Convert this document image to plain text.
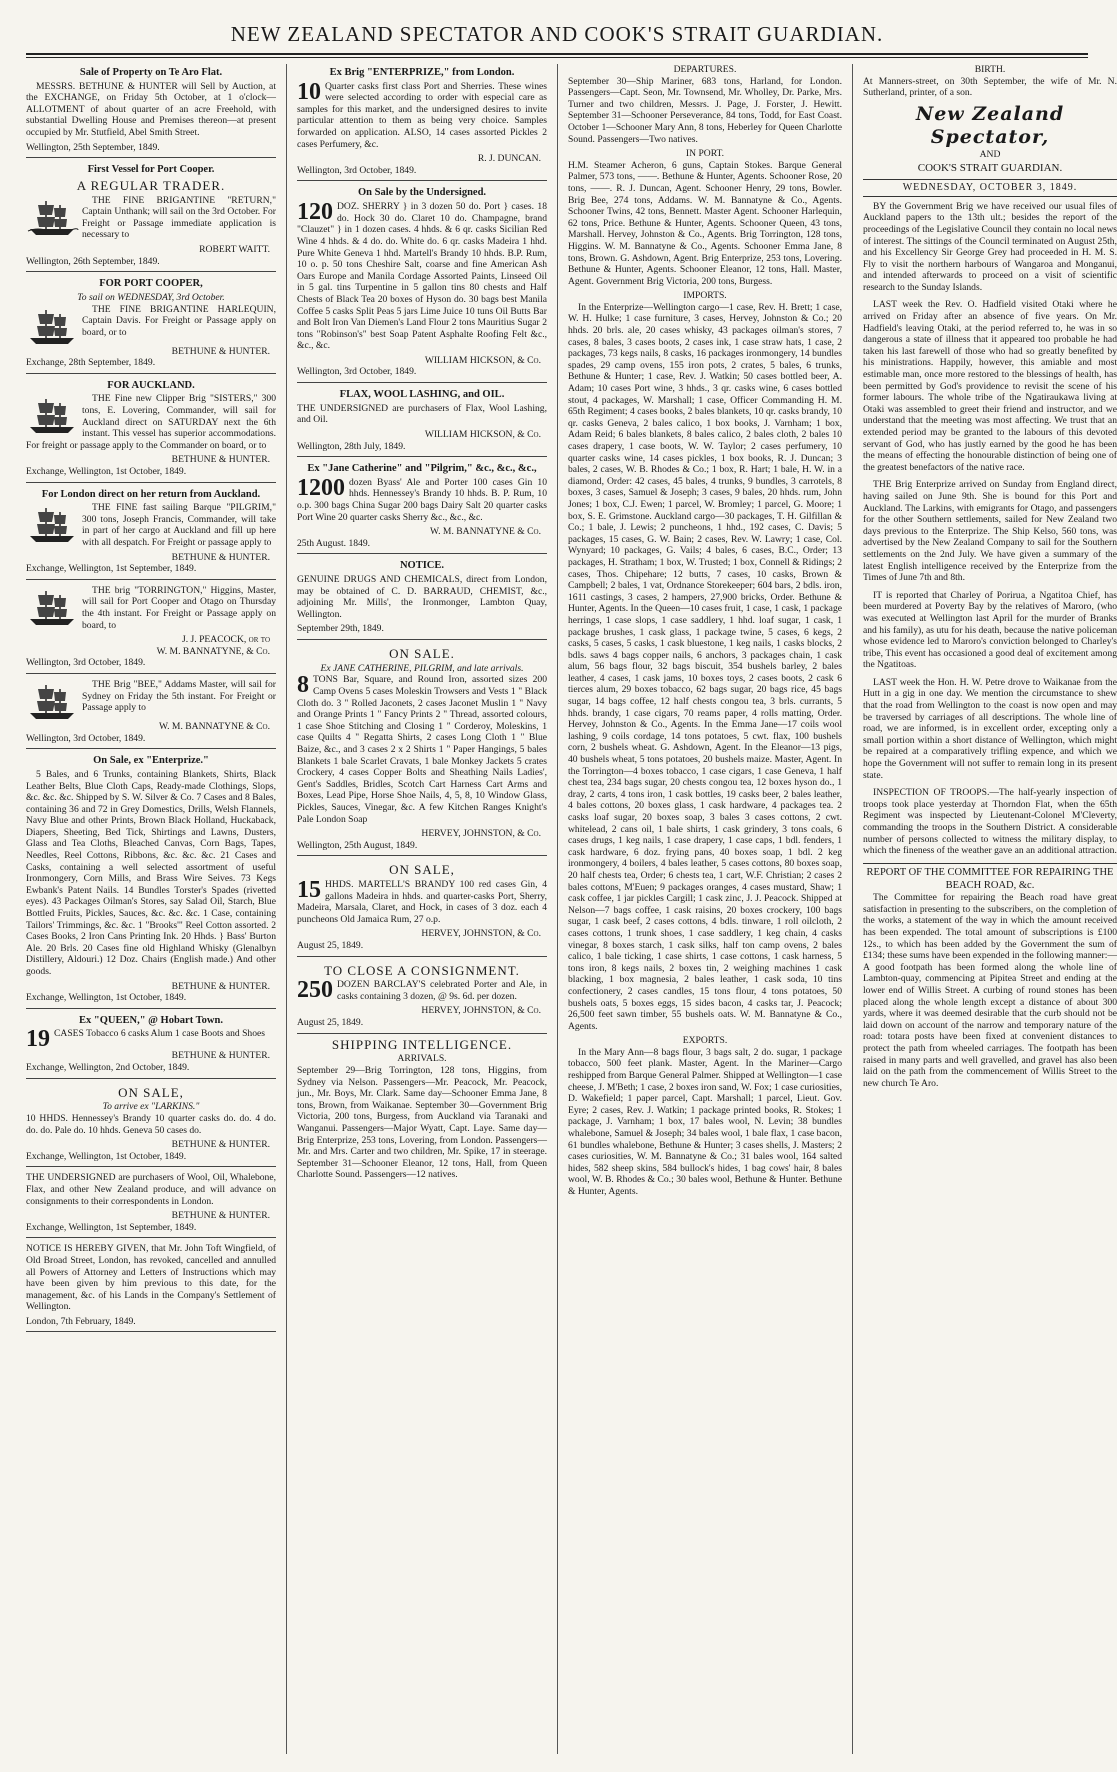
NEW ZEALAND SPECTATOR AND COOK'S STRAIT GUARDIAN.
Sale of Property on Te Aro Flat.

MESSRS. BETHUNE & HUNTER will Sell by Auction, at the EXCHANGE, on Friday 5th October, at 1 o'clock— ALLOTMENT of about quarter of an acre Freehold, with substantial Dwelling House and Premises thereon—at present occupied by Mr. Stutfield, Abel Smith Street.

Wellington, 25th September, 1849.
First Vessel for Port Cooper.
A REGULAR TRADER.

THE FINE BRIGANTINE "RETURN," Captain Unthank; will sail on the 3rd October. For Freight or Passage immediate application is necessary to

ROBERT WAITT.
Wellington, 26th September, 1849.
FOR PORT COOPER,
To sail on WEDNESDAY, 3rd October.

THE FINE BRIGANTINE HARLEQUIN, Captain Davis. For Freight or Passage apply on board, or to

BETHUNE & HUNTER.
Exchange, 28th September, 1849.
FOR AUCKLAND.

THE Fine new Clipper Brig "SISTERS," 300 tons, E. Lovering, Commander, will sail for Auckland direct on SATURDAY next the 6th instant. This vessel has superior accommodations. For freight or passage apply to the Commander on board, or to

BETHUNE & HUNTER.
Exchange, Wellington, 1st October, 1849.
For London direct on her return from Auckland.

THE FINE fast sailing Barque "PILGRIM," 300 tons, Joseph Francis, Commander, will take in part of her cargo at Auckland and fill up here with all despatch. For Freight or passage apply to

BETHUNE & HUNTER.
Exchange, Wellington, 1st September, 1849.

THE brig "TORRINGTON," Higgins, Master, will sail for Port Cooper and Otago on Thursday the 4th instant. For Freight or Passage apply on board, to

J. J. PEACOCK, or to
W. M. BANNATYNE, & Co.
Wellington, 3rd October, 1849.

THE Brig "BEE," Addams Master, will sail for Sydney on Friday the 5th instant. For Freight or Passage apply to

W. M. BANNATYNE & Co.
Wellington, 3rd October, 1849.
On Sale, ex "Enterprize."

5 Bales, and 6 Trunks, containing Blankets, Shirts, Black Leather Belts, Blue Cloth Caps, Ready-made Clothings, Slops, &c. &c. &c. Shipped by S. W. Silver & Co. 7 Cases and 8 Bales, containing 36 and 72 in Grey Domestics, Drills, Welsh Flannels, Navy Blue and other Prints, Brown Black Holland, Huckaback, Diapers, Sheeting, Bed Tick, Shirtings and Lawns, Dusters, Glass and Tea Cloths, Bleached Canvas, Corn Bags, Tapes, Needles, Reel Cottons, Ribbons, &c. &c. &c. 21 Cases and Casks, containing a well selected assortment of useful Ironmongery, Corn Mills, and Brass Wire Seives. 73 Kegs Ewbank's Patent Nails. 14 Bundles Torster's Spades (rivetted eyes). 43 Packages Oilman's Stores, say Salad Oil, Starch, Blue Bottled Fruits, Pickles, Sauces, &c. &c. &c. 1 Case, containing Tailors' Trimmings, &c. &c. 1 "Brooks'" Reel Cotton assorted. 2 Cases Books, 2 Iron Cans Printing Ink. 20 Hhds. } Bass' Burton Ale. 20 Brls. 20 Cases fine old Highland Whisky (Glenalbyn Distillery, Aldouri.) 12 Doz. Chairs (English made.) And other goods.

BETHUNE & HUNTER.
Exchange, Wellington, 1st October, 1849.
Ex "QUEEN," @ Hobart Town.
19 CASES Tobacco 6 casks Alum 1 case Boots and Shoes

BETHUNE & HUNTER.
Exchange, Wellington, 2nd October, 1849.
ON SALE,
To arrive ex "LARKINS."

10 HHDS. Hennessey's Brandy 10 quarter casks do. do. 4 do. do. do. Pale do. 10 hhds. Geneva 50 cases do.

BETHUNE & HUNTER.
Exchange, Wellington, 1st October, 1849.

THE UNDERSIGNED are purchasers of Wool, Oil, Whalebone, Flax, and other New Zealand produce, and will advance on consignments to their correspondents in London.

BETHUNE & HUNTER.
Exchange, Wellington, 1st September, 1849.

NOTICE IS HEREBY GIVEN, that Mr. John Toft Wingfield, of Old Broad Street, London, has revoked, cancelled and annulled all Powers of Attorney and Letters of Instructions which may have been given by him previous to this date, for the management, &c. of his Lands in the Company's Settlement of Wellington.

London, 7th February, 1849.
Ex Brig "ENTERPRIZE," from London.
10 Quarter casks first class Port and Sherries. These wines were selected according to order with especial care as samples for this market, and the undersigned desires to invite particular attention to them as being very choice. Samples forwarded on application. ALSO, 14 cases assorted Pickles 2 cases Perfumery, &c.

R. J. DUNCAN.
Wellington, 3rd October, 1849.
On Sale by the Undersigned.
120 DOZ. SHERRY } in 3 dozen 50 do. Port } cases. 18 do. Hock 30 do. Claret 10 do. Champagne, brand "Clauzet" } in 1 dozen cases. 4 hhds. & 6 qr. casks Sicilian Red Wine 4 hhds. & 4 do. do. White do. 6 qr. casks Madeira 1 hhd. Pure White Geneva 1 hhd. Martell's Brandy 10 hhds. B.P. Rum, 10 o. p. 50 tons Cheshire Salt, coarse and fine American Ash Oars Europe and Manila Cordage Assorted Paints, Linseed Oil in 5 gal. tins Turpentine in 5 gallon tins 80 chests and Half Chests of Black Tea 20 boxes of Hyson do. 30 bags best Manila Coffee 5 casks Split Peas 5 jars Lime Juice 10 tuns Oil Butts Bar and Bolt Iron Van Diemen's Land Flour 2 tons Mauritius Sugar 2 tons "Robinson's" best Soap Patent Asphalte Roofing Felt &c., &c., &c.

WILLIAM HICKSON, & Co.
Wellington, 3rd October, 1849.
FLAX, WOOL LASHING, and OIL.

THE UNDERSIGNED are purchasers of Flax, Wool Lashing, and Oil.

WILLIAM HICKSON, & Co.
Wellington, 28th July, 1849.
Ex "Jane Catherine" and "Pilgrim," &c., &c., &c.,
1200 dozen Byass' Ale and Porter 100 cases Gin 10 hhds. Hennessey's Brandy 10 hhds. B. P. Rum, 10 o.p. 300 bags China Sugar 200 bags Dairy Salt 20 quarter casks Port Wine 20 quarter casks Sherry &c., &c., &c.

W. M. BANNATYNE & Co.
25th August. 1849.
NOTICE.

GENUINE DRUGS AND CHEMICALS, direct from London, may be obtained of C. D. BARRAUD, CHEMIST, &c., adjoining Mr. Mills', the Ironmonger, Lambton Quay, Wellington.

September 29th, 1849.
ON SALE.
Ex JANE CATHERINE, PILGRIM, and late arrivals.
8 TONS Bar, Square, and Round Iron, assorted sizes 200 Camp Ovens 5 cases Moleskin Trowsers and Vests 1 " Black Cloth do. 3 " Rolled Jaconets, 2 cases Jaconet Muslin 1 " Navy and Orange Prints 1 " Fancy Prints 2 " Thread, assorted colours, 1 case Shoe Stitching and Closing 1 " Corderoy, Moleskins, 1 case Quilts 4 " Regatta Shirts, 2 cases Long Cloth 1 " Blue Baize, &c., and 3 cases 2 x 2 Shirts 1 " Paper Hangings, 5 bales Blankets 1 bale Scarlet Cravats, 1 bale Monkey Jackets 5 crates Crockery, 4 cases Copper Bolts and Sheathing Nails Ladies', Gent's Saddles, Bridles, Scotch Cart Harness Cart Arms and Boxes, Lead Pipe, Horse Shoe Nails, 4, 5, 8, 10 Window Glass, Pickles, Sauces, Vinegar, &c. A few Kitchen Ranges Knight's Pale London Soap

HERVEY, JOHNSTON, & Co.
Wellington, 25th August, 1849.
ON SALE,
15 HHDS. MARTELL'S BRANDY 100 red cases Gin, 4 gallons Madeira in hhds. and quarter-casks Port, Sherry, Madeira, Marsala, Claret, and Hock, in cases of 3 doz. each 4 puncheons Old Jamaica Rum, 27 o.p.

HERVEY, JOHNSTON, & Co.
August 25, 1849.
TO CLOSE A CONSIGNMENT.
250 DOZEN BARCLAY'S celebrated Porter and Ale, in casks containing 3 dozen, @ 9s. 6d. per dozen.

HERVEY, JOHNSTON, & Co.
August 25, 1849.
SHIPPING INTELLIGENCE.
ARRIVALS.

September 29—Brig Torrington, 128 tons, Higgins, from Sydney via Nelson. Passengers—Mr. Peacock, Mr. Peacock, jun., Mr. Boys, Mr. Clark. Same day—Schooner Emma Jane, 8 tons, Brown, from Waikanae. September 30—Government Brig Victoria, 200 tons, Burgess, from Auckland via Taranaki and Wanganui. Passengers—Major Wyatt, Capt. Laye. Same day—Brig Enterprize, 253 tons, Lovering, from London. Passengers—Mr. and Mrs. Carter and two children, Mr. Spike, 17 in steerage. September 31—Schooner Eleanor, 12 tons, Hall, from Queen Charlotte Sound. Passengers—12 natives.

DEPARTURES.

September 30—Ship Mariner, 683 tons, Harland, for London. Passengers—Capt. Seon, Mr. Townsend, Mr. Wholley, Dr. Parke, Mrs. Turner and two children, Messrs. J. Page, J. Forster, J. Hewitt. September 31—Schooner Perseverance, 84 tons, Todd, for East Coast. October 1—Schooner Mary Ann, 8 tons, Heberley for Queen Charlotte Sound. Passengers—Two natives.

IN PORT.

H.M. Steamer Acheron, 6 guns, Captain Stokes. Barque General Palmer, 573 tons, ——. Bethune & Hunter, Agents. Schooner Rose, 20 tons, ——. R. J. Duncan, Agent. Schooner Henry, 29 tons, Bowler. Brig Bee, 274 tons, Addams. W. M. Bannatyne & Co., Agents. Schooner Twins, 42 tons, Bennett. Master Agent. Schooner Harlequin, 62 tons, Price. Bethune & Hunter, Agents. Schooner Queen, 43 tons, Marshall. Hervey, Johnston & Co., Agents. Brig Torrington, 128 tons, Higgins. W. M. Bannatyne & Co., Agents. Schooner Emma Jane, 8 tons, Brown. G. Ashdown, Agent. Brig Enterprize, 253 tons, Lovering. Bethune & Hunter, Agents. Schooner Eleanor, 12 tons, Hall. Master, Agent. Government Brig Victoria, 200 tons, Burgess.

IMPORTS.

In the Enterprize—Wellington cargo—1 case, Rev. H. Brett; 1 case, W. H. Hulke; 1 case furniture, 3 cases, Hervey, Johnston & Co.; 20 hhds. 20 brls. ale, 20 cases whisky, 43 packages oilman's stores, 7 cases, 8 bales, 3 cases boots, 2 cases ink, 1 case straw hats, 1 case, 2 packages, 73 kegs nails, 8 casks, 16 packages ironmongery, 14 bundles spades, 29 camp ovens, 155 iron pots, 2 crates, 5 bales, 6 trunks, Bethune & Hunter; 1 case, Rev. J. Watkin; 50 cases bottled beer, A. Adam; 10 cases Port wine, 3 hhds., 3 qr. casks wine, 6 cases bottled stout, 4 packages, W. Marshall; 1 case, Officer Commanding H. M. 65th Regiment; 4 cases books, 2 bales blankets, 10 qr. casks brandy, 10 qr. casks Geneva, 2 bales calico, 1 box books, J. Varnham; 1 box, Adam Reid; 6 bales blankets, 8 bales calico, 2 bales cloth, 2 bales 10 cases drapery, 1 case boots, W. W. Taylor; 2 cases perfumery, 10 quarter casks wine, 14 cases pickles, 1 box books, R. J. Duncan; 3 bales, 2 cases, W. B. Rhodes & Co.; 1 box, R. Hart; 1 bale, H. W. in a diamond, Order: 42 cases, 45 bales, 4 trunks, 9 bundles, 3 carrotels, 8 boxes, 3 cases, Samuel & Joseph; 3 cases, 9 bales, 20 hhds. rum, John Jones; 1 box, C.J. Ewen; 1 parcel, W. Bromley; 1 parcel, G. Moore; 1 box, S. E. Grimstone. Auckland cargo—30 packages, T. H. Gilfillan & Co.; 1 bale, J. Lewis; 2 puncheons, 1 hhd., 192 cases, C. Davis; 5 packages, 15 cases, G. W. Bain; 2 cases, Rev. W. Lawry; 1 case, Col. Wynyard; 10 packages, G. Vails; 4 bales, 6 cases, B.C., Order; 13 packages, H. Stratham; 1 box, W. Trusted; 1 box, Connell & Ridings; 2 cases, Thos. Chipehare; 12 butts, 7 cases, 10 casks, Brown & Campbell; 2 bales, 1 vat, Ordnance Storekeeper; 604 bars, 2 bdls. iron, 1611 castings, 3 cases, 2 hampers, 27,900 bricks, Order. Bethune & Hunter, Agents. In the Queen—10 cases fruit, 1 case, 1 cask, 1 package herrings, 1 case slops, 1 case saddlery, 1 hhd. loaf sugar, 1 cask, 1 package brushes, 1 cask glass, 1 package twine, 5 cases, 6 kegs, 2 casks, 5 cases, 5 casks, 1 cask bluestone, 1 keg nails, 1 casks blocks, 2 bdls. saws 4 bags copper nails, 6 anchors, 3 packages chain, 1 cask alum, 56 bags flour, 32 bags biscuit, 354 bushels barley, 2 bales leather, 4 cases, 1 cask jams, 10 boxes toys, 2 cases boots, 2 cask 6 tierces alum, 29 boxes tobacco, 62 bags sugar, 20 bags rice, 45 bags sugar, 14 bags coffee, 12 half chests congou tea, 3 brls. currants, 5 hhds. brandy, 1 case cigars, 70 reams paper, 4 rolls matting, Order. Hervey, Johnston & Co., Agents. In the Emma Jane—17 coils wool lashing, 9 coils cordage, 14 tons potatoes, 5 cwt. flax, 100 bushels corn, 2 bushels wheat. G. Ashdown, Agent. In the Eleanor—13 pigs, 40 bushels wheat, 5 tons potatoes, 20 bushels maize. Master, Agent. In the Torrington—4 boxes tobacco, 1 case cigars, 1 case Geneva, 1 half chest tea, 234 bags sugar, 20 chests congou tea, 12 boxes hyson do., 1 dray, 2 carts, 4 tons iron, 1 cask bottles, 19 casks beer, 2 bales leather, 4 bales cottons, 20 boxes glass, 1 cask hardware, 4 packages tea. 2 casks loaf sugar, 20 boxes soap, 3 bales 3 cases cottons, 2 cwt. whitelead, 2 cans oil, 1 bale shirts, 1 cask grindery, 3 tons coals, 6 cases drugs, 1 keg nails, 1 case drapery, 1 case caps, 1 bdl. fenders, 1 cask hardware, 6 doz. frying pans, 40 boxes soap, 1 bdl. 2 keg ironmongery, 4 boilers, 4 bales leather, 5 cases cottons, 80 boxes soap, 20 half chests tea, Order; 6 chests tea, 1 cart, W.F. Christian; 2 cases 2 bales cottons, M'Euen; 9 packages oranges, 4 cases mustard, Shaw; 1 cask coffee, 1 jar pickles Cargill; 1 cask zinc, J. J. Peacock. Shipped at Nelson—7 bags coffee, 1 cask raisins, 20 boxes crockery, 100 bags sugar, 1 cask beef, 2 cases cottons, 4 bdls. tinware, 1 roll oilcloth, 2 cases cottons, 1 trunk shoes, 1 case saddlery, 1 keg chain, 4 casks vinegar, 8 boxes starch, 1 cask silks, half ton camp ovens, 2 bales calico, 1 bale ticking, 1 case shirts, 1 case cottons, 1 cask harness, 5 tons iron, 8 kegs nails, 2 boxes tin, 2 weighing machines 1 cask blacking, 1 box magnesia, 2 bales leather, 1 cask soda, 10 tins confectionery, 2 cases candles, 15 tons flour, 4 tons potatoes, 50 bushels oats, 5 boxes eggs, 15 sides bacon, 4 casks tar, J. Peacock; 26,500 feet sawn timber, 55 bushels oats. W. M. Bannatyne & Co., Agents.

EXPORTS.

In the Mary Ann—8 bags flour, 3 bags salt, 2 do. sugar, 1 package tobacco, 500 feet plank. Master, Agent. In the Mariner—Cargo reshipped from Barque General Palmer. Shipped at Wellington—1 case cheese, J. M'Beth; 1 case, 2 boxes iron sand, W. Fox; 1 case curiosities, D. Wakefield; 1 paper parcel, Capt. Marshall; 1 parcel, Lieut. Gov. Eyre; 2 cases, Rev. J. Watkin; 1 package printed books, R. Stokes; 1 package, J. Varnham; 1 box, 17 bales wool, N. Levin; 38 bundles whalebone, Samuel & Joseph; 34 bales wool, 1 bale flax, 1 case bacon, 61 bundles whalebone, Bethune & Hunter; 3 cases shells, J. Masters; 2 cases curiosities, W. M. Bannatyne & Co.; 31 bales wool, 164 salted hides, 582 sheep skins, 584 bullock's hides, 1 bag cows' hair, 8 bales wool, W. B. Rhodes & Co.; 30 bales wool, Bethune & Hunter. Bethune & Hunter, Agents.

BIRTH.

At Manners-street, on 30th September, the wife of Mr. N. Sutherland, printer, of a son.

New Zealand Spectator,
AND
COOK'S STRAIT GUARDIAN.
WEDNESDAY, OCTOBER 3, 1849.

BY the Government Brig we have received our usual files of Auckland papers to the 13th ult.; besides the report of the proceedings of the Legislative Council they contain no local news of interest. The sittings of the Council terminated on August 25th, and his Excellency Sir George Grey had proceeded in H. M. S. Fly to visit the northern harbours of Wangaroa and Monganui, and intended afterwards to proceed on a visit of scientific research to the Sunday Islands.

LAST week the Rev. O. Hadfield visited Otaki where he arrived on Friday after an absence of five years. On Mr. Hadfield's leaving Otaki, at the period referred to, he was in so dangerous a state of illness that it appeared too probable he had taken his last farewell of those who had so greatly benefited by his ministrations. Happily, however, this amiable and most estimable man, once more restored to the blessings of health, has been permitted by God's providence to revisit the scene of his former labours. The whole tribe of the Ngatiraukawa living at Otaki was assembled to greet their friend and instructor, and we understand that the meeting was most affecting. We trust that an extended period may be granted to the labours of this devoted servant of God, who has justly earned by the good he has been the means of effecting the honourable distinction of being one of the greatest benefactors of the native race.

THE Brig Enterprize arrived on Sunday from England direct, having sailed on June 9th. She is bound for this Port and Auckland. The Larkins, with emigrants for Otago, and passengers for the other Southern settlements, sailed for New Zealand two days previous to the Enterprize. The Ship Kelso, 560 tons, was advertised by the New Zealand Company to sail for the Southern settlements on the 2nd July. We have given a summary of the latest English intelligence received by the Enterprize from the Times of June 7th and 8th.

IT is reported that Charley of Porirua, a Ngatitoa Chief, has been murdered at Poverty Bay by the relatives of Maroro, (who was executed at Wellington last April for the murder of Branks and his family), as utu for his death, because the native policeman whose evidence led to Maroro's conviction belonged to Charley's tribe, This event has occasioned a good deal of excitement among the Ngatitoas.

LAST week the Hon. H. W. Petre drove to Waikanae from the Hutt in a gig in one day. We mention the circumstance to shew that the road from Wellington to the coast is now open and may be traversed by carriages of all descriptions. The whole line of road, we are informed, is in excellent order, excepting only a small portion within a short distance of Wellington, which might be repaired at a comparatively trifling expence, and which we hope the Government will not suffer to remain long in its present state.

INSPECTION OF TROOPS.—The half-yearly inspection of troops took place yesterday at Thorndon Flat, when the 65th Regiment was inspected by Lieutenant-Colonel M'Cleverty, commanding the troops in the Southern District. A considerable number of persons collected to witness the military display, to which the fineness of the weather gave an an additional attraction.

REPORT OF THE COMMITTEE FOR REPAIRING THE BEACH ROAD, &c.

The Committee for repairing the Beach road have great satisfaction in presenting to the subscribers, on the completion of the works, a statement of the way in which the amount received has been expended. The total amount of subscriptions is £100 12s., to which has been added by the Government the sum of £134; these sums have been expended in the following manner:— A good footpath has been formed along the whole line of Lambton-quay, commencing at Pipitea Street and ending at the lower end of Willis Street. A curbing of round stones has been placed along the whole length except a distance of about 300 yards, where it was deemed desirable that the curb should not be laid down on account of the narrow and temporary nature of the road: totara posts have been fixed at convenient distances to protect the path from wheeled carriages. The footpath has been raised in many parts and well gravelled, and gravel has also been laid on the path from the commencement of Willis Street to the new church Te Aro.
